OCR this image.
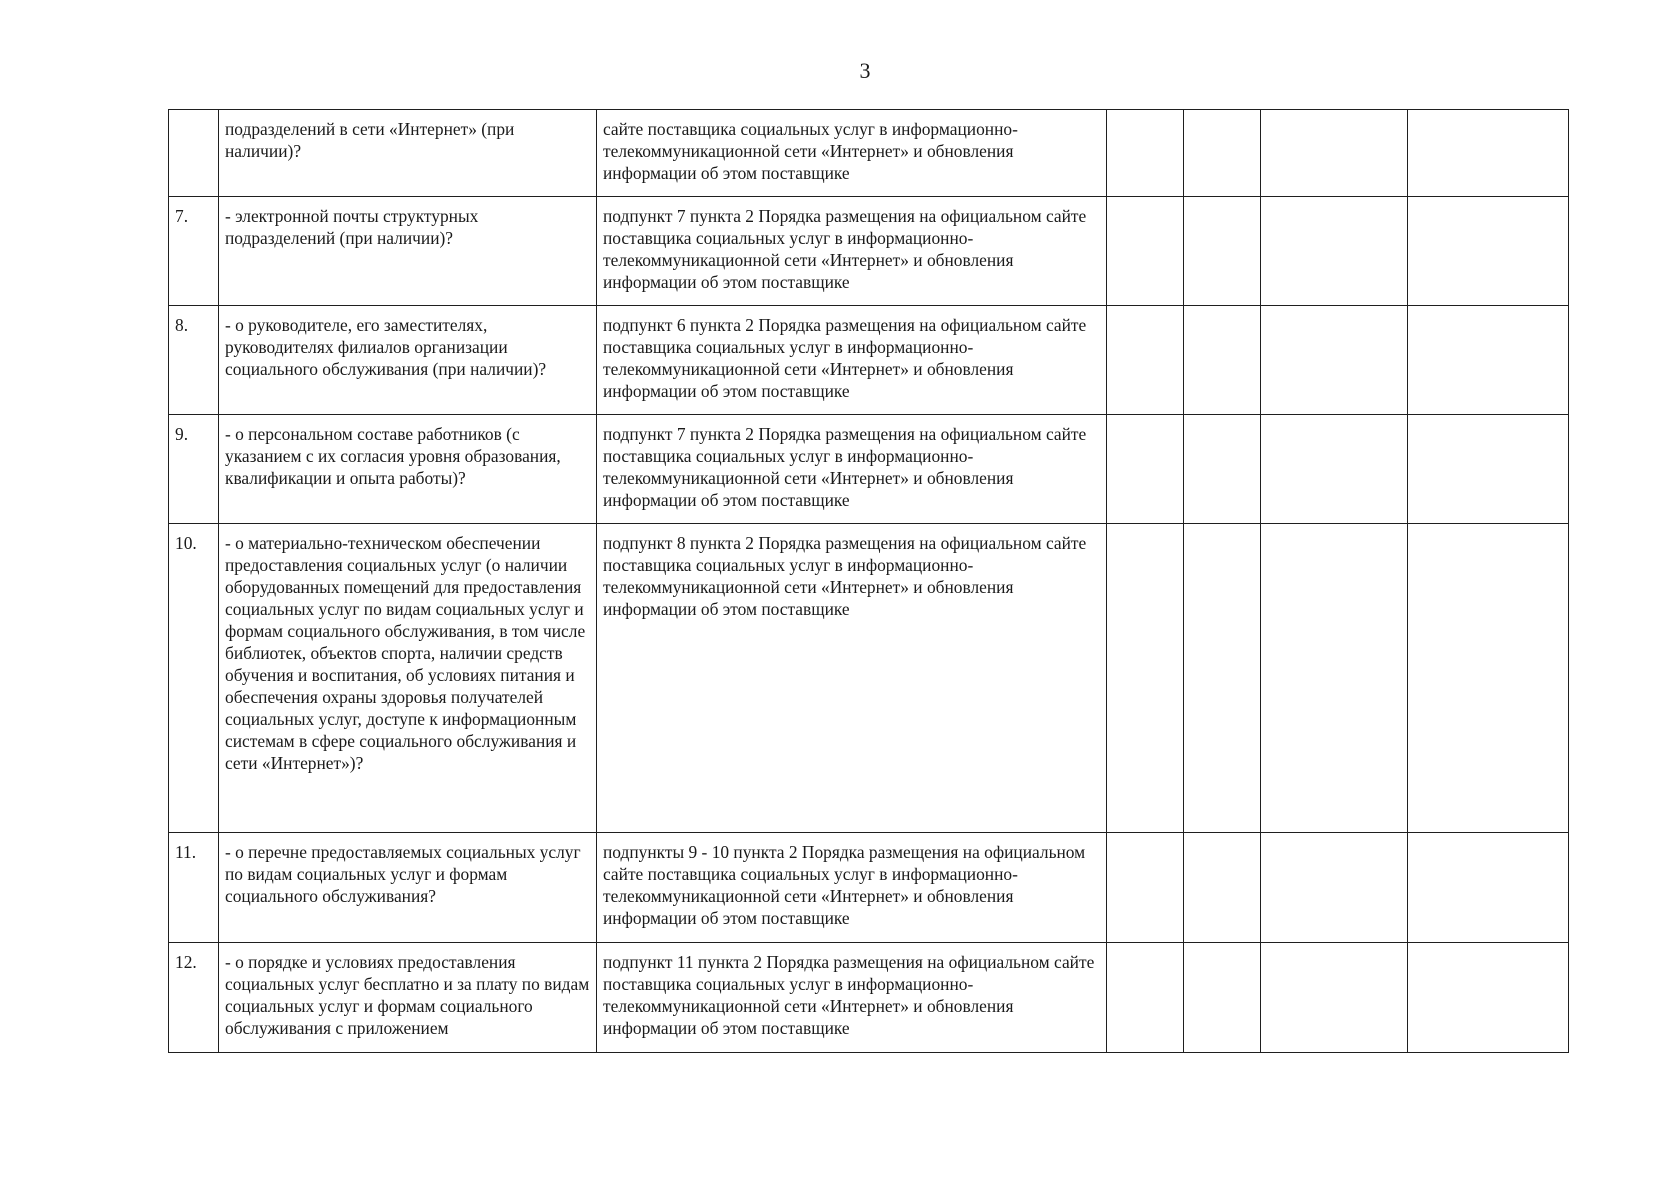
3
	подразделений в сети «Интернет» (при наличии)?	сайте поставщика социальных услуг в информационно-телекоммуникационной сети «Интернет» и обновления информации об этом поставщике				
7.	- электронной почты структурных подразделений (при наличии)?	подпункт 7 пункта 2 Порядка размещения на официальном сайте поставщика социальных услуг в информационно-телекоммуникационной сети «Интернет» и обновления информации об этом поставщике				
8.	- о руководителе, его заместителях, руководителях филиалов организации социального обслуживания (при наличии)?	подпункт 6 пункта 2 Порядка размещения на официальном сайте поставщика социальных услуг в информационно-телекоммуникационной сети «Интернет» и обновления информации об этом поставщике				
9.	- о персональном составе работников (с указанием с их согласия уровня образования, квалификации и опыта работы)?	подпункт 7 пункта 2 Порядка размещения на официальном сайте поставщика социальных услуг в информационно-телекоммуникационной сети «Интернет» и обновления информации об этом поставщике				
10.	- о материально-техническом обеспечении предоставления социальных услуг (о наличии оборудованных помещений для предоставления социальных услуг по видам социальных услуг и формам социального обслуживания, в том числе библиотек, объектов спорта, наличии средств обучения и воспитания, об условиях питания и обеспечения охраны здоровья получателей социальных услуг, доступе к информационным системам в сфере социального обслуживания и сети «Интернет»)?	подпункт 8 пункта 2 Порядка размещения на официальном сайте поставщика социальных услуг в информационно-телекоммуникационной сети «Интернет» и обновления информации об этом поставщике				
11.	- о перечне предоставляемых социальных услуг по видам социальных услуг и формам социального обслуживания?	подпункты 9 - 10 пункта 2 Порядка размещения на официальном сайте поставщика социальных услуг в информационно-телекоммуникационной сети «Интернет» и обновления информации об этом поставщике				
12.	- о порядке и условиях предоставления социальных услуг бесплатно и за плату по видам социальных услуг и формам социального обслуживания с приложением	подпункт 11 пункта 2 Порядка размещения на официальном сайте поставщика социальных услуг в информационно-телекоммуникационной сети «Интернет» и обновления информации об этом поставщике				
